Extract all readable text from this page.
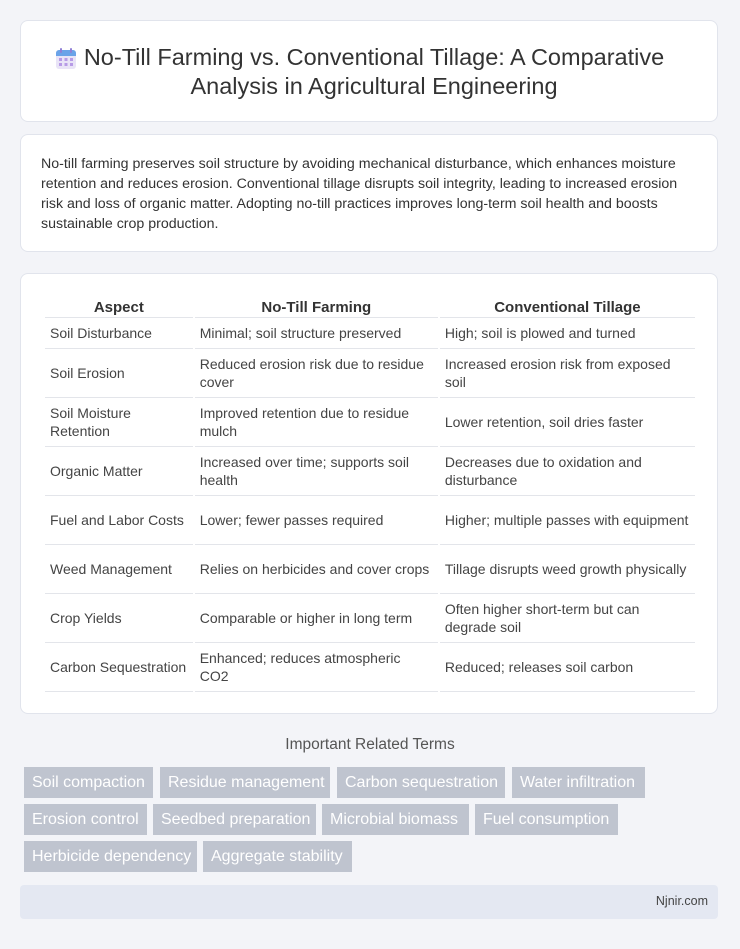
No-Till Farming vs. Conventional Tillage: A Comparative
Analysis in Agricultural Engineering

No-till farming preserves soil structure by avoiding mechanical disturbance, which enhances moisture retention and reduces erosion. Conventional tillage disrupts soil integrity, leading to increased erosion risk and loss of organic matter. Adopting no-till practices improves long-term soil health and boosts sustainable crop production.

Aspect	No-Till Farming	Conventional Tillage
Soil Disturbance	Minimal; soil structure preserved	High; soil is plowed and turned
Soil Erosion	Reduced erosion risk due to residue cover	Increased erosion risk from exposed soil
Soil Moisture Retention	Improved retention due to residue mulch	Lower retention, soil dries faster
Organic Matter	Increased over time; supports soil health	Decreases due to oxidation and disturbance
Fuel and Labor Costs	Lower; fewer passes required	Higher; multiple passes with equipment
Weed Management	Relies on herbicides and cover crops	Tillage disrupts weed growth physically
Crop Yields	Comparable or higher in long term	Often higher short-term but can degrade soil
Carbon Sequestration	Enhanced; reduces atmospheric CO2	Reduced; releases soil carbon
Important Related Terms
Soil compaction	Residue management	Carbon sequestration	Water infiltration
Erosion control	Seedbed preparation	Microbial biomass	Fuel consumption
Herbicide dependency	Aggregate stability
Njnir.com
